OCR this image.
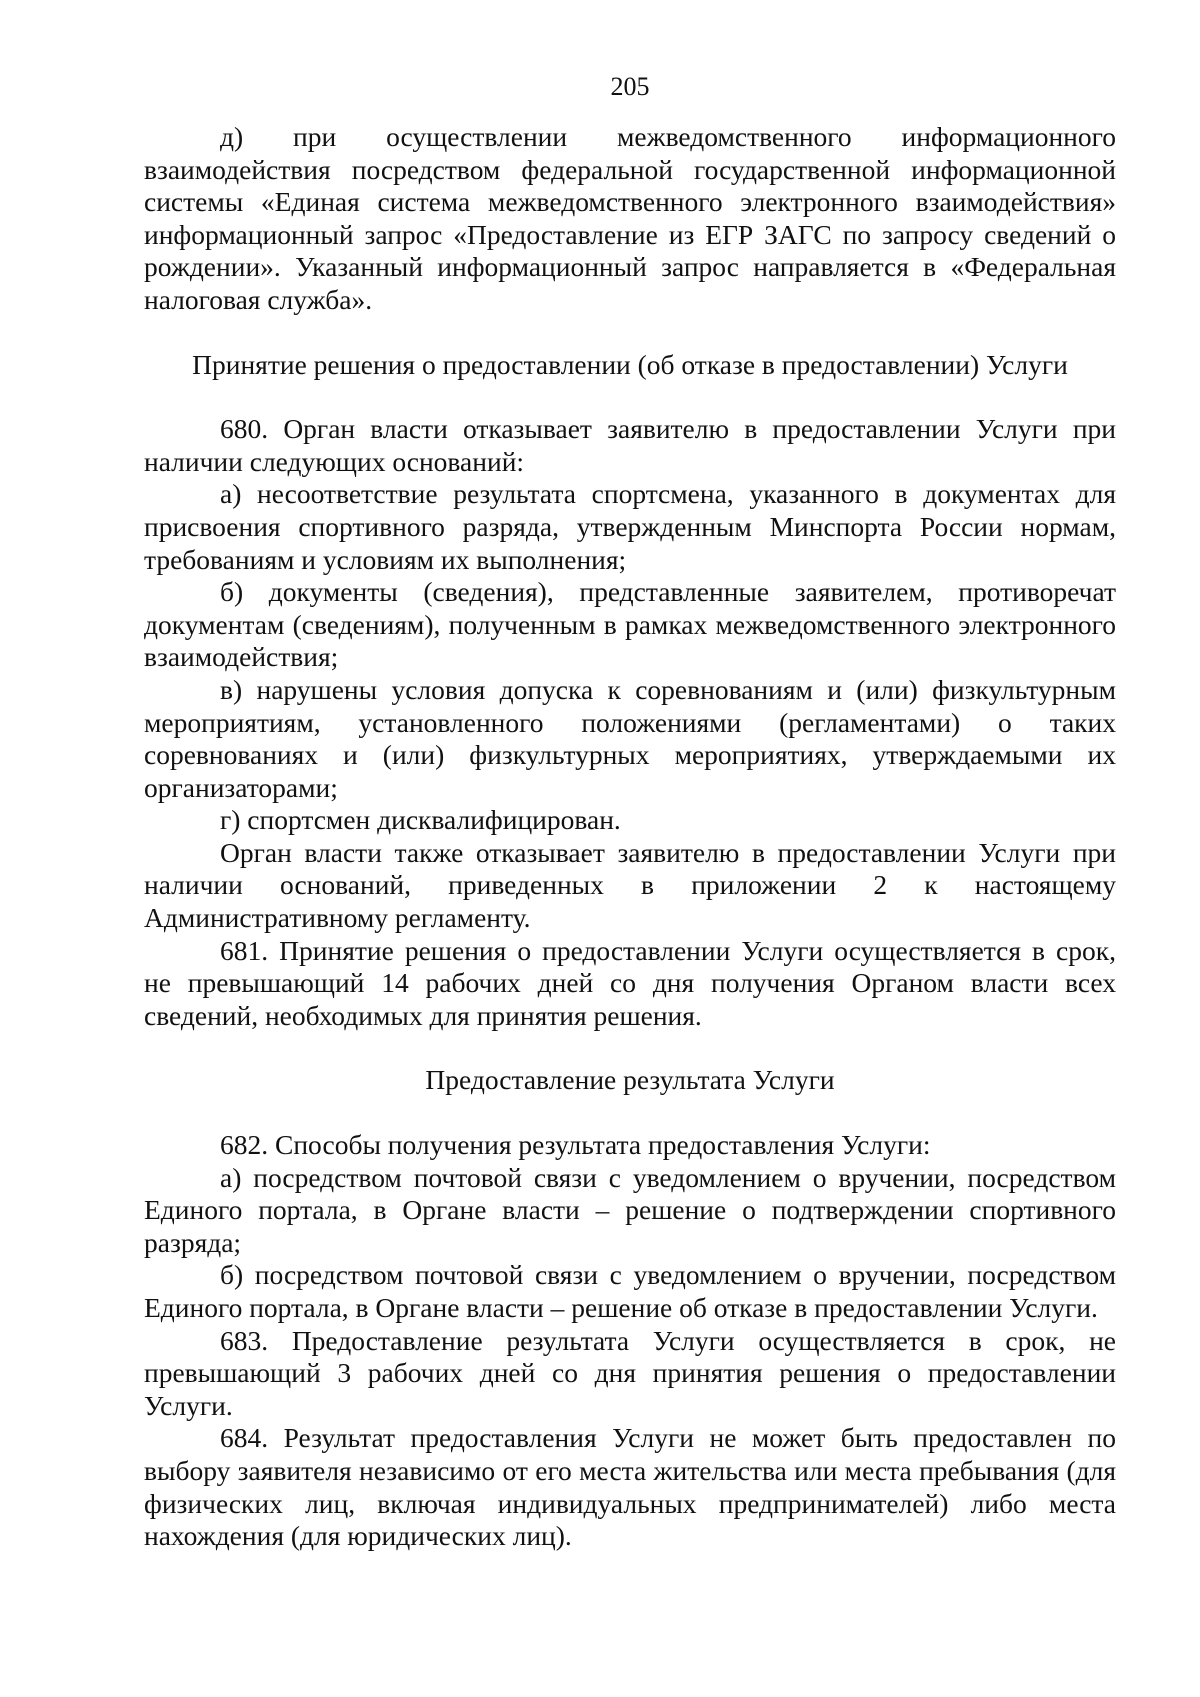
205

д) при осуществлении межведомственного информационного взаимодействия посредством федеральной государственной информационной системы «Единая система межведомственного электронного взаимодействия» информационный запрос «Предоставление из ЕГР ЗАГС по запросу сведений о рождении». Указанный информационный запрос направляется в «Федеральная налоговая служба».

Принятие решения о предоставлении (об отказе в предоставлении) Услуги

680. Орган власти отказывает заявителю в предоставлении Услуги при наличии следующих оснований:

а) несоответствие результата спортсмена, указанного в документах для присвоения спортивного разряда, утвержденным Минспорта России нормам, требованиям и условиям их выполнения;

б) документы (сведения), представленные заявителем, противоречат документам (сведениям), полученным в рамках межведомственного электронного взаимодействия;

в) нарушены условия допуска к соревнованиям и (или) физкультурным мероприятиям, установленного положениями (регламентами) о таких соревнованиях и (или) физкультурных мероприятиях, утверждаемыми их организаторами;

г) спортсмен дисквалифицирован.

Орган власти также отказывает заявителю в предоставлении Услуги при наличии оснований, приведенных в приложении 2 к настоящему Административному регламенту.

681. Принятие решения о предоставлении Услуги осуществляется в срок, не превышающий 14 рабочих дней со дня получения Органом власти всех сведений, необходимых для принятия решения.

Предоставление результата Услуги

682. Способы получения результата предоставления Услуги:

а) посредством почтовой связи с уведомлением о вручении, посредством Единого портала, в Органе власти – решение о подтверждении спортивного разряда;

б) посредством почтовой связи с уведомлением о вручении, посредством Единого портала, в Органе власти – решение об отказе в предоставлении Услуги.

683. Предоставление результата Услуги осуществляется в срок, не превышающий 3 рабочих дней со дня принятия решения о предоставлении Услуги.

684. Результат предоставления Услуги не может быть предоставлен по выбору заявителя независимо от его места жительства или места пребывания (для физических лиц, включая индивидуальных предпринимателей) либо места нахождения (для юридических лиц).
